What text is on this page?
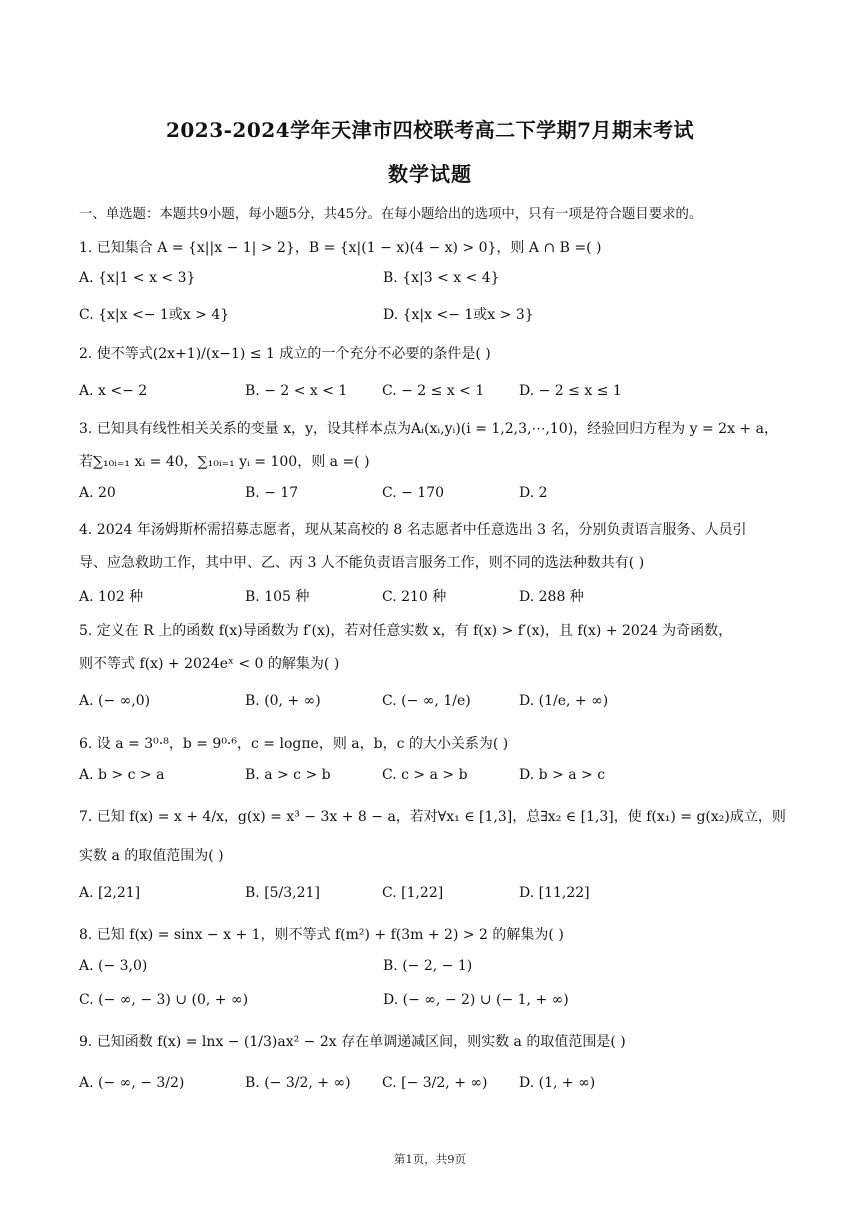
2023-2024学年天津市四校联考高二下学期7月期末考试
数学试题
一、单选题：本题共9小题，每小题5分，共45分。在每小题给出的选项中，只有一项是符合题目要求的。
1. 已知集合 A = {x||x − 1| > 2}，B = {x|(1 − x)(4 − x) > 0}，则 A ∩ B =( )
A. {x|1 < x < 3}	B. {x|3 < x < 4}
C. {x|x <− 1或x > 4}	D. {x|x <− 1或x > 3}
2. 使不等式(2x+1)/(x−1) ≤ 1 成立的一个充分不必要的条件是( )
A. x <− 2	B. − 2 < x < 1 C. − 2 ≤ x < 1 D. − 2 ≤ x ≤ 1
3. 已知具有线性相关关系的变量 x，y，设其样本点为Aᵢ(xᵢ,yᵢ)(i = 1,2,3,⋯,10)，经验回归方程为 y = 2x + a，
若∑₁₀ᵢ₌₁ xᵢ = 40，∑₁₀ᵢ₌₁ yᵢ = 100，则 a =( )
A. 20	B. − 17	C. − 170	D. 2
4. 2024 年汤姆斯杯需招募志愿者，现从某高校的 8 名志愿者中任意选出 3 名，分别负责语言服务、人员引
导、应急救助工作，其中甲、乙、丙 3 人不能负责语言服务工作，则不同的选法种数共有( )
A. 102 种	B. 105 种	C. 210 种	D. 288 种
5. 定义在 R 上的函数 f(x)导函数为 f′(x)，若对任意实数 x，有 f(x) > f′(x)，且 f(x) + 2024 为奇函数，
则不等式 f(x) + 2024eˣ < 0 的解集为( )
A. (− ∞,0)	B. (0, + ∞)	C. (− ∞, 1/e)	D. (1/e, + ∞)
6. 设 a = 3⁰·⁸，b = 9⁰·⁶，c = logπe，则 a，b，c 的大小关系为( )
A. b > c > a	B. a > c > b	C. c > a > b	D. b > a > c
7. 已知 f(x) = x + 4/x，g(x) = x³ − 3x + 8 − a，若对∀x₁ ∈ [1,3]，总∃x₂ ∈ [1,3]，使 f(x₁) = g(x₂)成立，则
实数 a 的取值范围为( )
A. [2,21]	B. [5/3,21]	C. [1,22]	D. [11,22]
8. 已知 f(x) = sinx − x + 1，则不等式 f(m²) + f(3m + 2) > 2 的解集为( )
A. (− 3,0)	B. (− 2, − 1)
C. (− ∞, − 3) ∪ (0, + ∞)	D. (− ∞, − 2) ∪ (− 1, + ∞)
9. 已知函数 f(x) = lnx − (1/3)ax² − 2x 存在单调递减区间，则实数 a 的取值范围是( )
A. (− ∞, − 3/2)	B. (− 3/2, + ∞) C. [− 3/2, + ∞) D. (1, + ∞)
第1页，共9页
